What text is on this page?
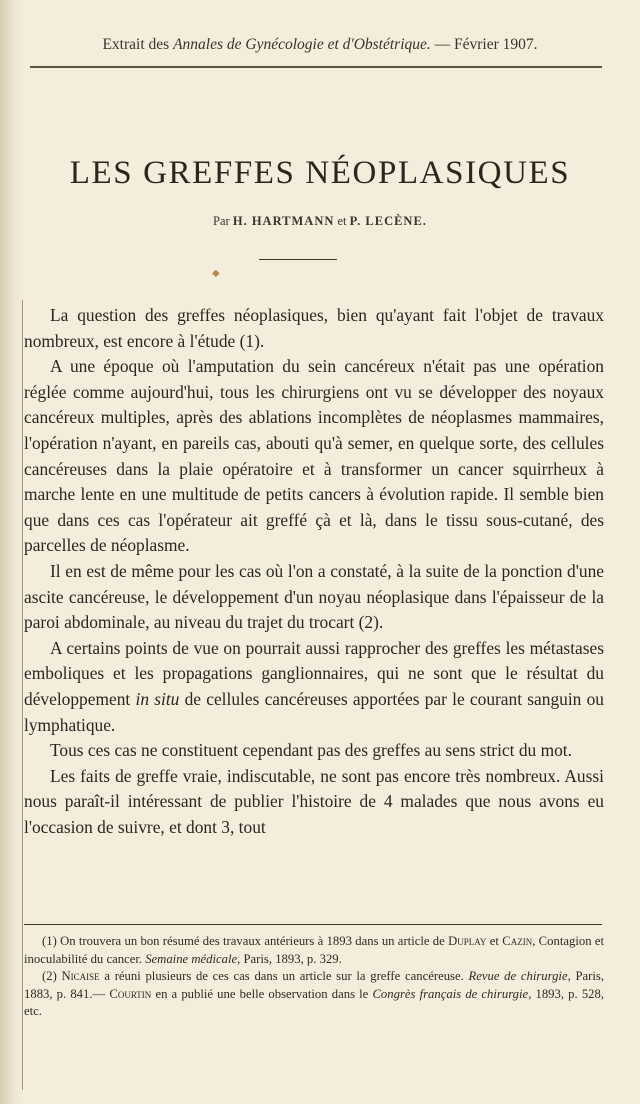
Extrait des Annales de Gynécologie et d'Obstétrique. — Février 1907.
LES GREFFES NÉOPLASIQUES
Par H. HARTMANN et P. LECÈNE.
◆

La question des greffes néoplasiques, bien qu'ayant fait l'objet de travaux nombreux, est encore à l'étude (1).

A une époque où l'amputation du sein cancéreux n'était pas une opération réglée comme aujourd'hui, tous les chirurgiens ont vu se développer des noyaux cancéreux multiples, après des ablations incomplètes de néoplasmes mammaires, l'opération n'ayant, en pareils cas, abouti qu'à semer, en quelque sorte, des cellules cancéreuses dans la plaie opératoire et à transformer un cancer squirrheux à marche lente en une multitude de petits cancers à évolution rapide. Il semble bien que dans ces cas l'opérateur ait greffé çà et là, dans le tissu sous-cutané, des parcelles de néoplasme.

Il en est de même pour les cas où l'on a constaté, à la suite de la ponction d'une ascite cancéreuse, le développement d'un noyau néoplasique dans l'épaisseur de la paroi abdominale, au niveau du trajet du trocart (2).

A certains points de vue on pourrait aussi rapprocher des greffes les métastases emboliques et les propagations ganglionnaires, qui ne sont que le résultat du développement in situ de cellules cancéreuses apportées par le courant sanguin ou lymphatique.

Tous ces cas ne constituent cependant pas des greffes au sens strict du mot.

Les faits de greffe vraie, indiscutable, ne sont pas encore très nombreux. Aussi nous paraît-il intéressant de publier l'histoire de 4 malades que nous avons eu l'occasion de suivre, et dont 3, tout

(1) On trouvera un bon résumé des travaux antérieurs à 1893 dans un article de Duplay et Cazin, Contagion et inoculabilité du cancer. Semaine médicale, Paris, 1893, p. 329.

(2) Nicaise a réuni plusieurs de ces cas dans un article sur la greffe cancéreuse. Revue de chirurgie, Paris, 1883, p. 841.— Courtin en a publié une belle observation dans le Congrès français de chirurgie, 1893, p. 528, etc.
